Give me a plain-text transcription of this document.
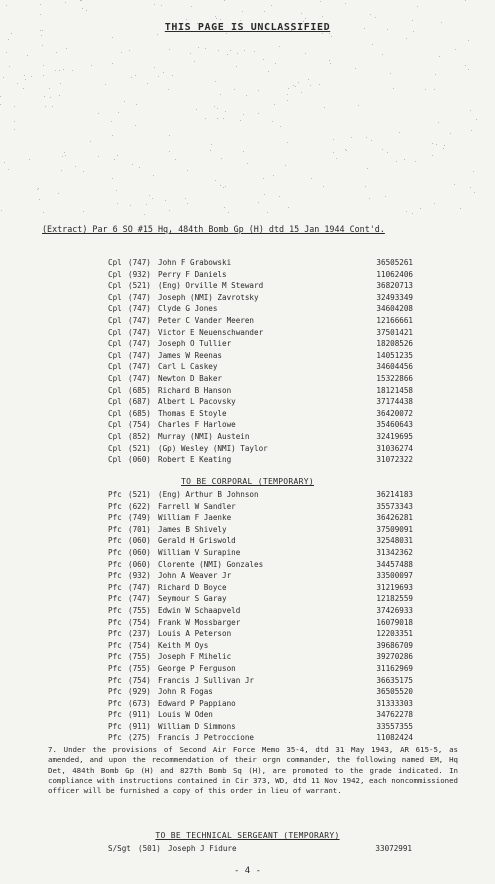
THIS PAGE IS UNCLASSIFIED
(Extract) Par 6 SO #15 Hq, 484th Bomb Gp (H) dtd 15 Jan 1944 Cont'd.
Cpl (747) John F Grabowski	36505261
Cpl (932) Perry F Daniels	11062406
Cpl (521) (Eng) Orville M Steward	36820713
Cpl (747) Joseph (NMI) Zavrotsky	32493349
Cpl (747) Clyde G Jones	34604208
Cpl (747) Peter C Vander Meeren	12166661
Cpl (747) Victor E Neuenschwander	37501421
Cpl (747) Joseph O Tullier	18208526
Cpl (747) James W Reenas	14051235
Cpl (747) Carl L Caskey	34604456
Cpl (747) Newton D Baker	15322866
Cpl (685) Richard B Hanson	18121458
Cpl (687) Albert L Pacovsky	37174438
Cpl (685) Thomas E Stoyle	36420072
Cpl (754) Charles F Harlowe	35460643
Cpl (852) Murray (NMI) Austein	32419695
Cpl (521) (Gp) Wesley (NMI) Taylor	31036274
Cpl (060) Robert E Keating	31072322
TO BE CORPORAL (TEMPORARY)
Pfc (521) (Eng) Arthur B Johnson	36214183
Pfc (622) Farrell W Sandler	35573343
Pfc (749) William F Jaenke	36426281
Pfc (701) James B Shively	37509091
Pfc (060) Gerald H Griswold	32548031
Pfc (060) William V Surapine	31342362
Pfc (060) Clorente (NMI) Gonzales	34457488
Pfc (932) John A Weaver Jr	33500097
Pfc (747) Richard D Boyce	31219693
Pfc (747) Seymour S Garay	12182559
Pfc (755) Edwin W Schaapveld	37426933
Pfc (754) Frank W Mossbarger	16079018
Pfc (237) Louis A Peterson	12203351
Pfc (754) Keith M Oys	39686709
Pfc (755) Joseph F Mihelic	39270286
Pfc (755) George P Ferguson	31162969
Pfc (754) Francis J Sullivan Jr	36635175
Pfc (929) John R Fogas	36505520
Pfc (673) Edward P Pappiano	31333303
Pfc (911) Louis W Oden	34762278
Pfc (911) William D Simmons	33557355
Pfc (275) Francis J Petroccione	11082424
7. Under the provisions of Second Air Force Memo 35-4, dtd 31 May 1943, AR 615-5, as amended, and upon the recommendation of their orgn commander, the following named EM, Hq Det, 484th Bomb Gp (H) and 827th Bomb Sq (H), are promoted to the grade indicated. In compliance with instructions contained in Cir 373, WD, dtd 11 Nov 1942, each noncommissioned officer will be furnished a copy of this order in lieu of warrant.
TO BE TECHNICAL SERGEANT (TEMPORARY)
S/Sgt (501) Joseph J Fidure	33072991
- 4 -
